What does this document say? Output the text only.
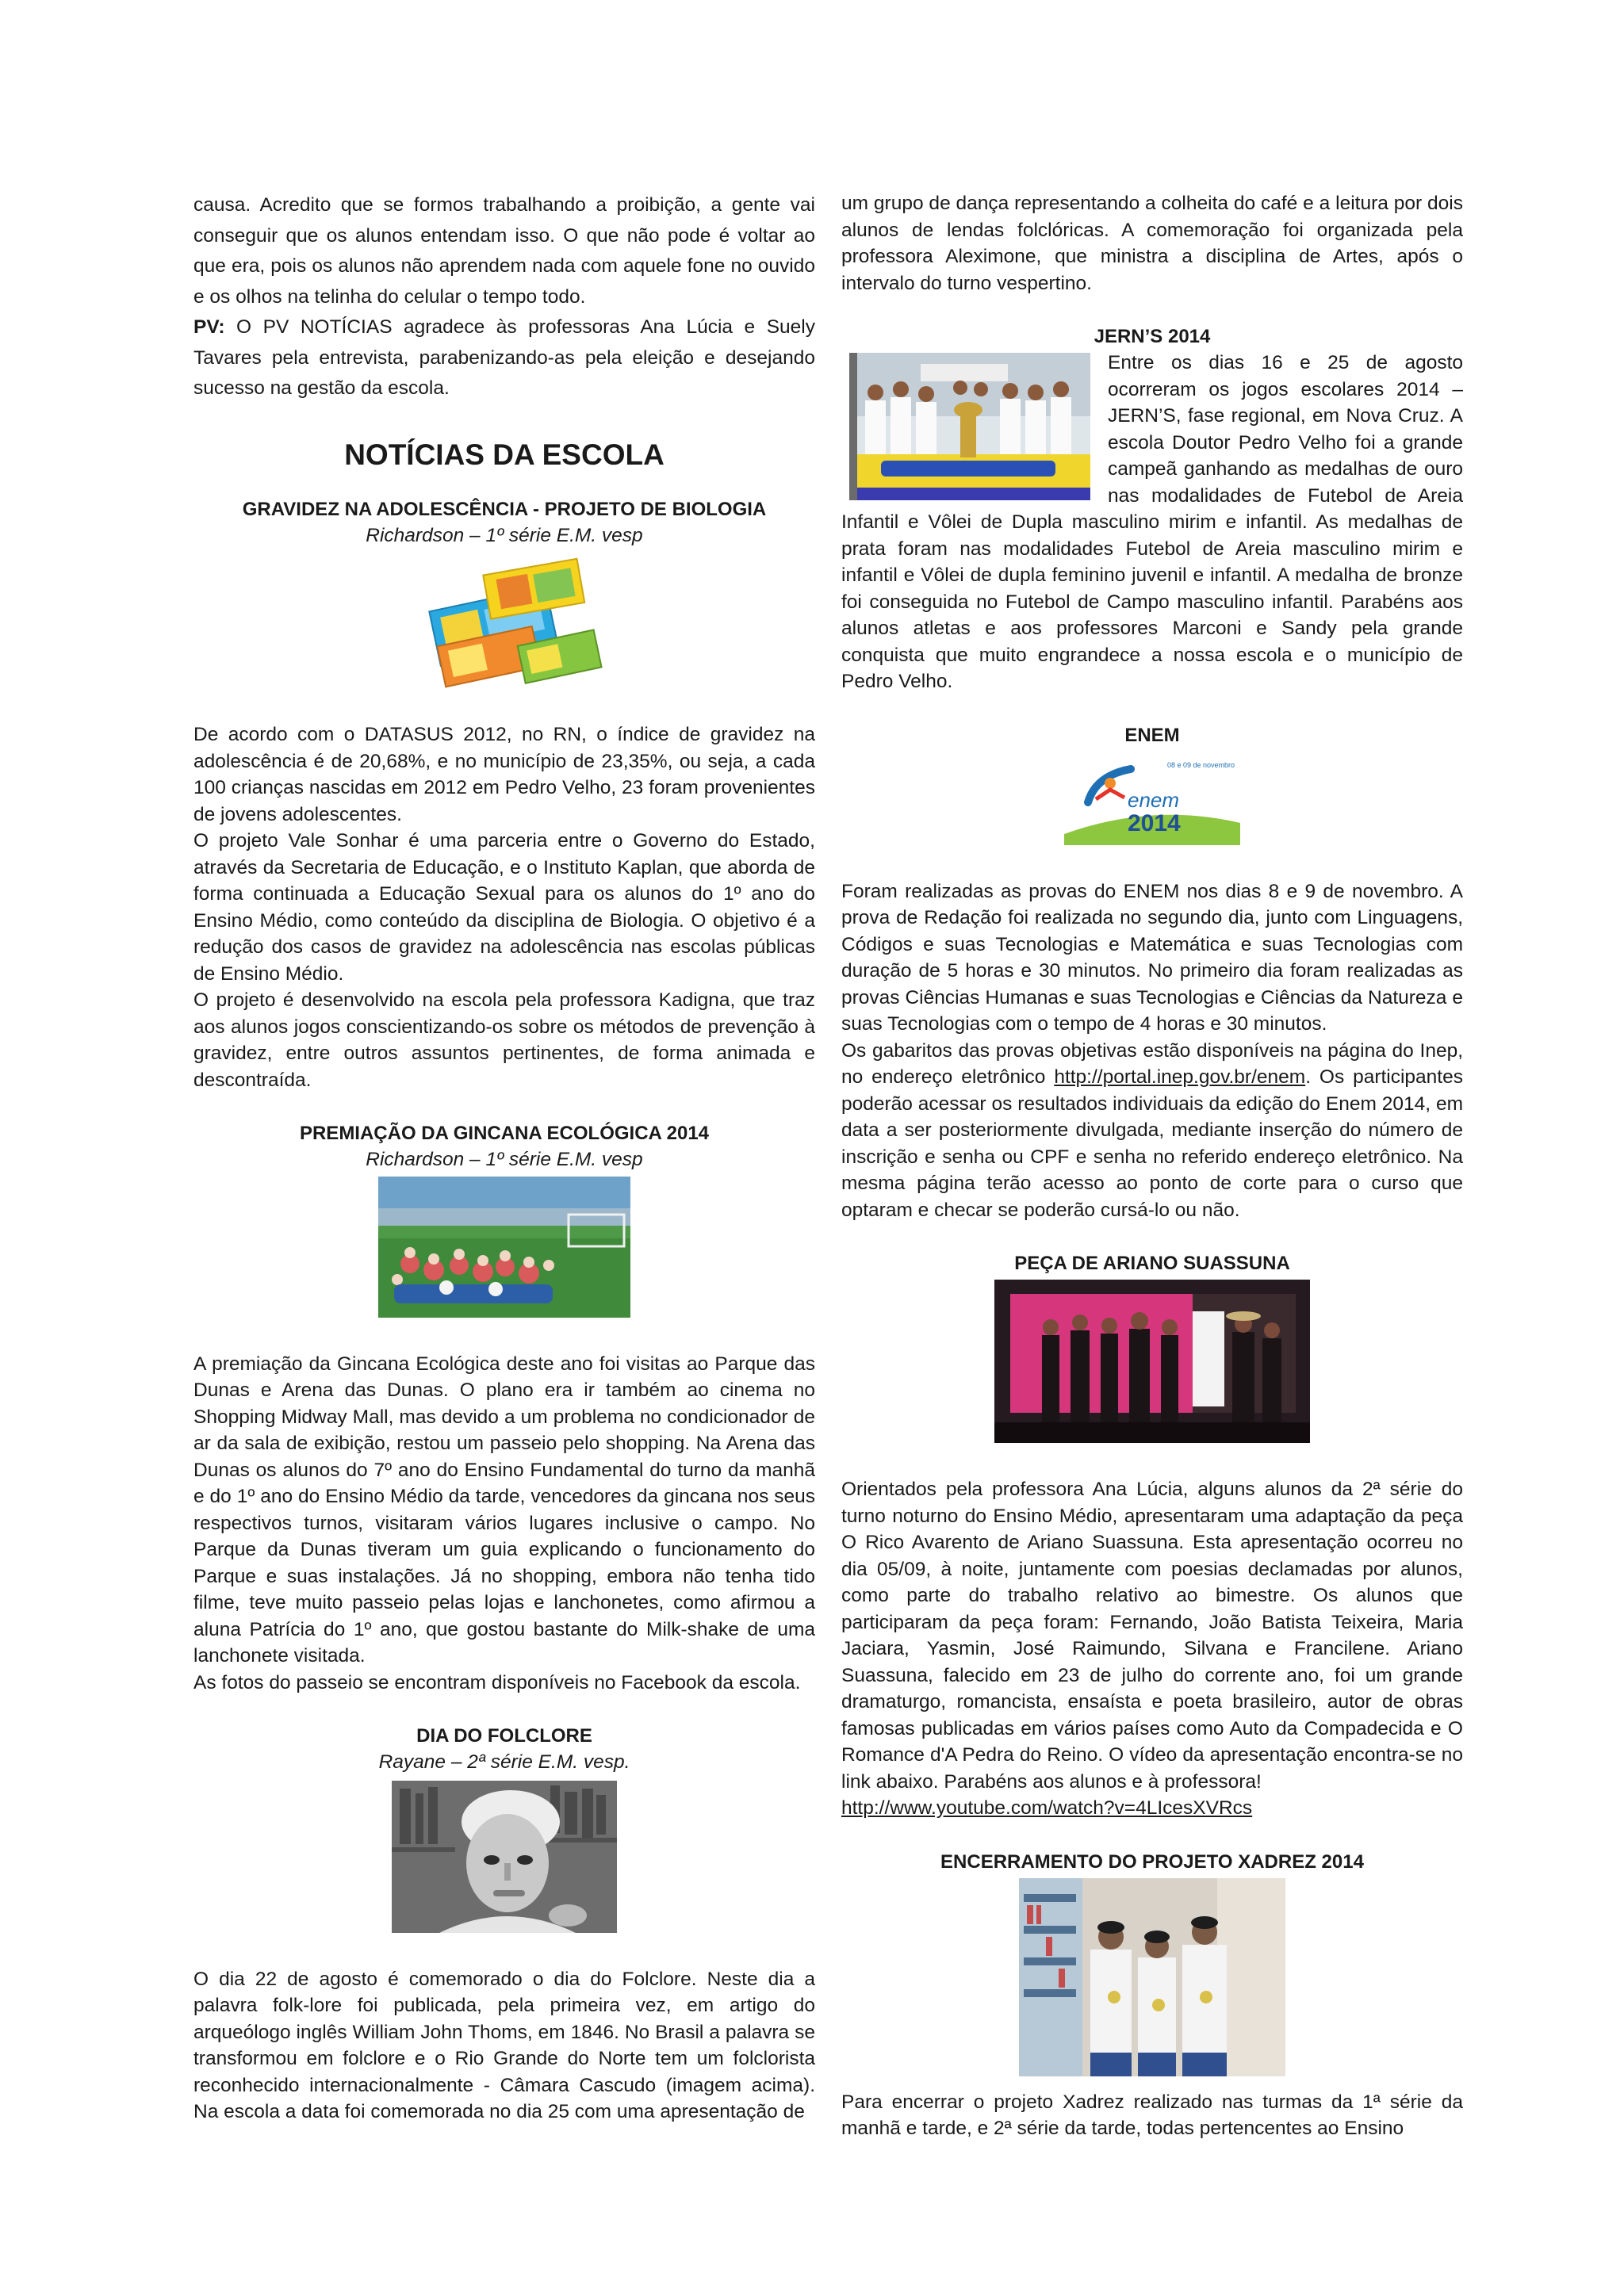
causa. Acredito que se formos trabalhando a proibição, a gente vai conseguir que os alunos entendam isso. O que não pode é voltar ao que era, pois os alunos não aprendem nada com aquele fone no ouvido e os olhos na telinha do celular o tempo todo.

PV: O PV NOTÍCIAS agradece às professoras Ana Lúcia e Suely Tavares pela entrevista, parabenizando-as pela eleição e desejando sucesso na gestão da escola.

NOTÍCIAS DA ESCOLA
GRAVIDEZ NA ADOLESCÊNCIA - PROJETO DE BIOLOGIA

Richardson – 1º série E.M. vesp

De acordo com o DATASUS 2012, no RN, o índice de gravidez na adolescência é de 20,68%, e no município de 23,35%, ou seja, a cada 100 crianças nascidas em 2012 em Pedro Velho, 23 foram provenientes de jovens adolescentes.

O projeto Vale Sonhar é uma parceria entre o Governo do Estado, através da Secretaria de Educação, e o Instituto Kaplan, que aborda de forma continuada a Educação Sexual para os alunos do 1º ano do Ensino Médio, como conteúdo da disciplina de Biologia. O objetivo é a redução dos casos de gravidez na adolescência nas escolas públicas de Ensino Médio.

O projeto é desenvolvido na escola pela professora Kadigna, que traz aos alunos jogos conscientizando-os sobre os métodos de prevenção à gravidez, entre outros assuntos pertinentes, de forma animada e descontraída.

PREMIAÇÃO DA GINCANA ECOLÓGICA 2014

Richardson – 1º série E.M. vesp

A premiação da Gincana Ecológica deste ano foi visitas ao Parque das Dunas e Arena das Dunas. O plano era ir também ao cinema no Shopping Midway Mall, mas devido a um problema no condicionador de ar da sala de exibição, restou um passeio pelo shopping. Na Arena das Dunas os alunos do 7º ano do Ensino Fundamental do turno da manhã e do 1º ano do Ensino Médio da tarde, vencedores da gincana nos seus respectivos turnos, visitaram vários lugares inclusive o campo. No Parque da Dunas tiveram um guia explicando o funcionamento do Parque e suas instalações. Já no shopping, embora não tenha tido filme, teve muito passeio pelas lojas e lanchonetes, como afirmou a aluna Patrícia do 1º ano, que gostou bastante do Milk-shake de uma lanchonete visitada.

As fotos do passeio se encontram disponíveis no Facebook da escola.

DIA DO FOLCLORE

Rayane – 2ª série E.M. vesp.

O dia 22 de agosto é comemorado o dia do Folclore. Neste dia a palavra folk-lore foi publicada, pela primeira vez, em artigo do arqueólogo inglês William John Thoms, em 1846. No Brasil a palavra se transformou em folclore e o Rio Grande do Norte tem um folclorista reconhecido internacionalmente - Câmara Cascudo (imagem acima). Na escola a data foi comemorada no dia 25 com uma apresentação de

um grupo de dança representando a colheita do café e a leitura por dois alunos de lendas folclóricas. A comemoração foi organizada pela professora Aleximone, que ministra a disciplina de Artes, após o intervalo do turno vespertino.

JERN’S 2014

Entre os dias 16 e 25 de agosto ocorreram os jogos escolares 2014 – JERN’S, fase regional, em Nova Cruz. A escola Doutor Pedro Velho foi a grande campeã ganhando as medalhas de ouro nas modalidades de Futebol de Areia Infantil e Vôlei de Dupla masculino mirim e infantil. As medalhas de prata foram nas modalidades Futebol de Areia masculino mirim e infantil e Vôlei de dupla feminino juvenil e infantil. A medalha de bronze foi conseguida no Futebol de Campo masculino infantil. Parabéns aos alunos atletas e aos professores Marconi e Sandy pela grande conquista que muito engrandece a nossa escola e o município de Pedro Velho.

ENEM
enem
2014
08 e 09 de novembro

Foram realizadas as provas do ENEM nos dias 8 e 9 de novembro. A prova de Redação foi realizada no segundo dia, junto com Linguagens, Códigos e suas Tecnologias e Matemática e suas Tecnologias com duração de 5 horas e 30 minutos. No primeiro dia foram realizadas as provas Ciências Humanas e suas Tecnologias e Ciências da Natureza e suas Tecnologias com o tempo de 4 horas e 30 minutos.

Os gabaritos das provas objetivas estão disponíveis na página do Inep, no endereço eletrônico http://portal.inep.gov.br/enem. Os participantes poderão acessar os resultados individuais da edição do Enem 2014, em data a ser posteriormente divulgada, mediante inserção do número de inscrição e senha ou CPF e senha no referido endereço eletrônico. Na mesma página terão acesso ao ponto de corte para o curso que optaram e checar se poderão cursá-lo ou não.

PEÇA DE ARIANO SUASSUNA

Orientados pela professora Ana Lúcia, alguns alunos da 2ª série do turno noturno do Ensino Médio, apresentaram uma adaptação da peça O Rico Avarento de Ariano Suassuna. Esta apresentação ocorreu no dia 05/09, à noite, juntamente com poesias declamadas por alunos, como parte do trabalho relativo ao bimestre. Os alunos que participaram da peça foram: Fernando, João Batista Teixeira, Maria Jaciara, Yasmin, José Raimundo, Silvana e Francilene. Ariano Suassuna, falecido em 23 de julho do corrente ano, foi um grande dramaturgo, romancista, ensaísta e poeta brasileiro, autor de obras famosas publicadas em vários países como Auto da Compadecida e O Romance d'A Pedra do Reino. O vídeo da apresentação encontra-se no link abaixo. Parabéns aos alunos e à professora!

http://www.youtube.com/watch?v=4LIcesXVRcs

ENCERRAMENTO DO PROJETO XADREZ 2014

Para encerrar o projeto Xadrez realizado nas turmas da 1ª série da manhã e tarde, e 2ª série da tarde, todas pertencentes ao Ensino
